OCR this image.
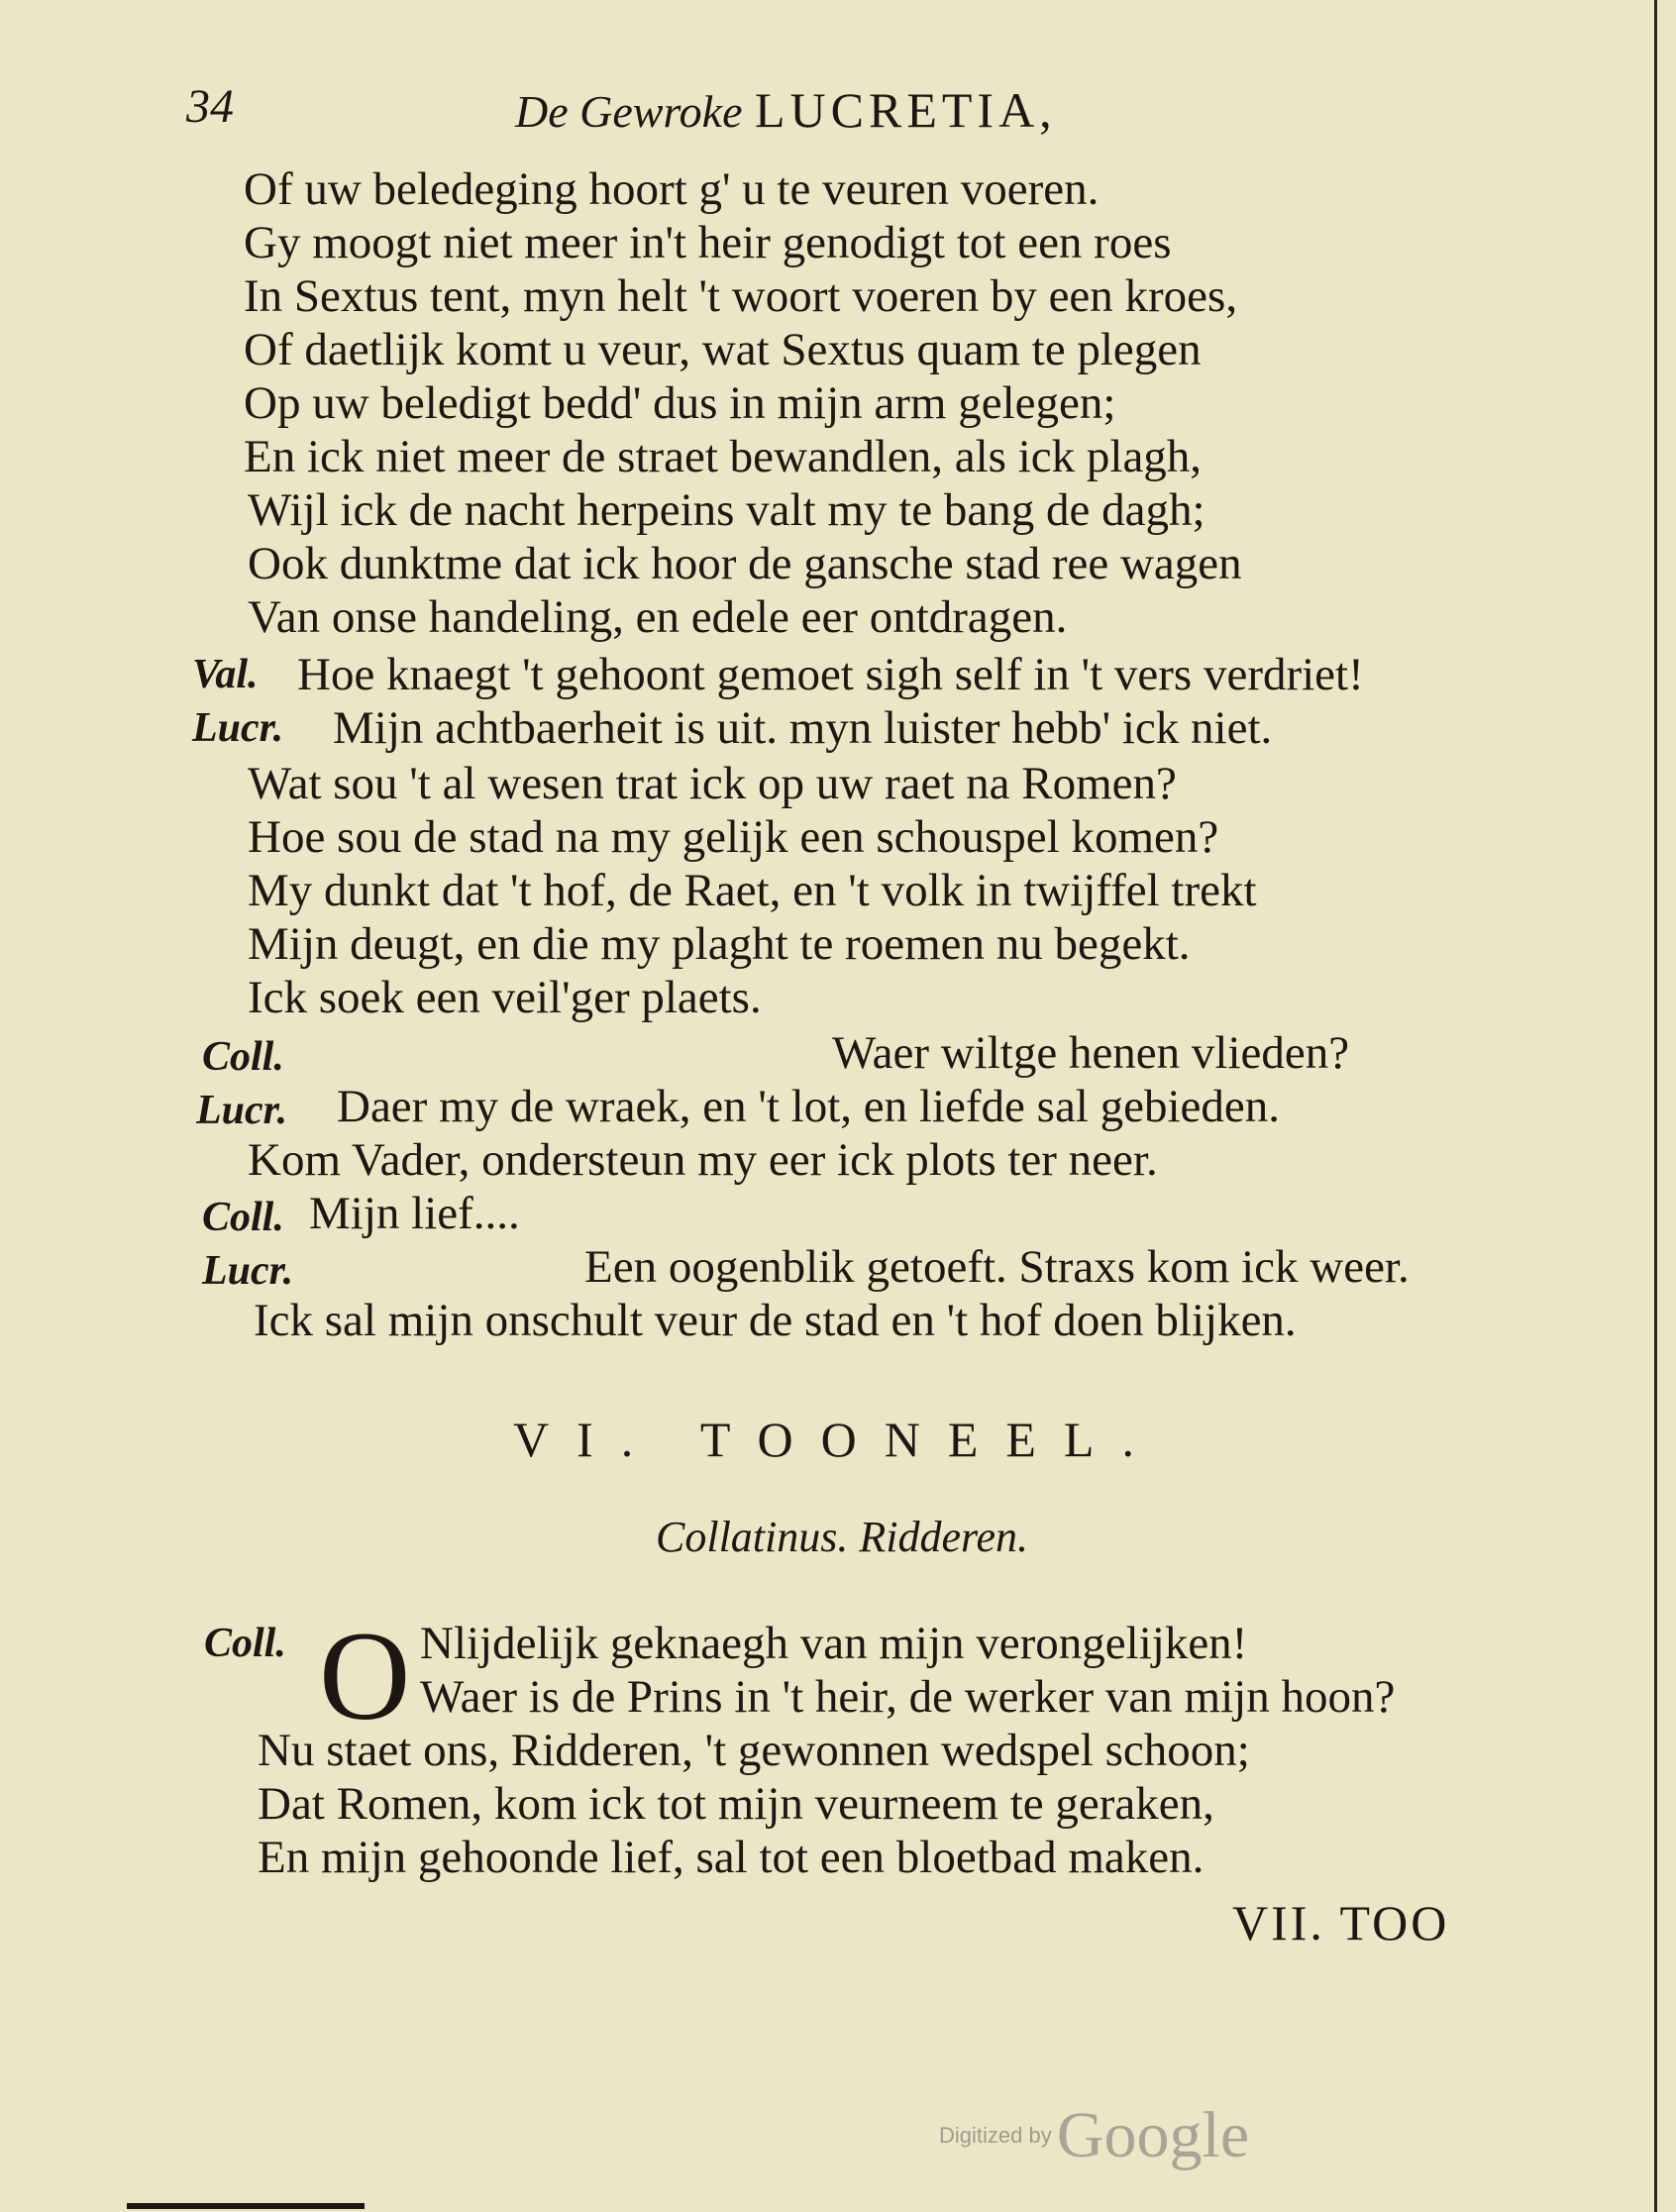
34	De Gewroke LUCRETIA,
Of uw beledeging hoort g' u te veuren voeren.
Gy moogt niet meer in't heir genodigt tot een roes
In Sextus tent, myn helt 't woort voeren by een kroes,
Of daetlijk komt u veur, wat Sextus quam te plegen
Op uw beledigt bedd' dus in mijn arm gelegen;
En ick niet meer de straet bewandlen, als ick plagh,
Wijl ick de nacht herpeins valt my te bang de dagh;
Ook dunktme dat ick hoor de gansche stad ree wagen
Van onse handeling, en edele eer ontdragen.
Val. Hoe knaegt 't gehoont gemoet sigh self in 't vers verdriet!
Lucr. Mijn achtbaerheit is uit. myn luister hebb' ick niet.
Wat sou 't al wesen trat ick op uw raet na Romen?
Hoe sou de stad na my gelijk een schouspel komen?
My dunkt dat 't hof, de Raet, en 't volk in twijffel trekt
Mijn deugt, en die my plaght te roemen nu begekt.
Ick soek een veil'ger plaets.
Coll.	Waer wiltge henen vlieden?
Lucr. Daer my de wraek, en 't lot, en liefde sal gebieden.
Kom Vader, ondersteun my eer ick plots ter neer.
Coll. Mijn lief....
Lucr.	Een oogenblik getoeft. Straxs kom ick weer.
Ick sal mijn onschult veur de stad en 't hof doen blijken.
VI. TOONEEL.
Collatinus. Ridderen.
Coll. O Nlijdelijk geknaegh van mijn verongelijken!
Waer is de Prins in 't heir, de werker van mijn hoon?
Nu staet ons, Ridderen, 't gewonnen wedspel schoon;
Dat Romen, kom ick tot mijn veurneem te geraken,
En mijn gehoonde lief, sal tot een bloetbad maken.
VII. TOO
Digitized by Google
